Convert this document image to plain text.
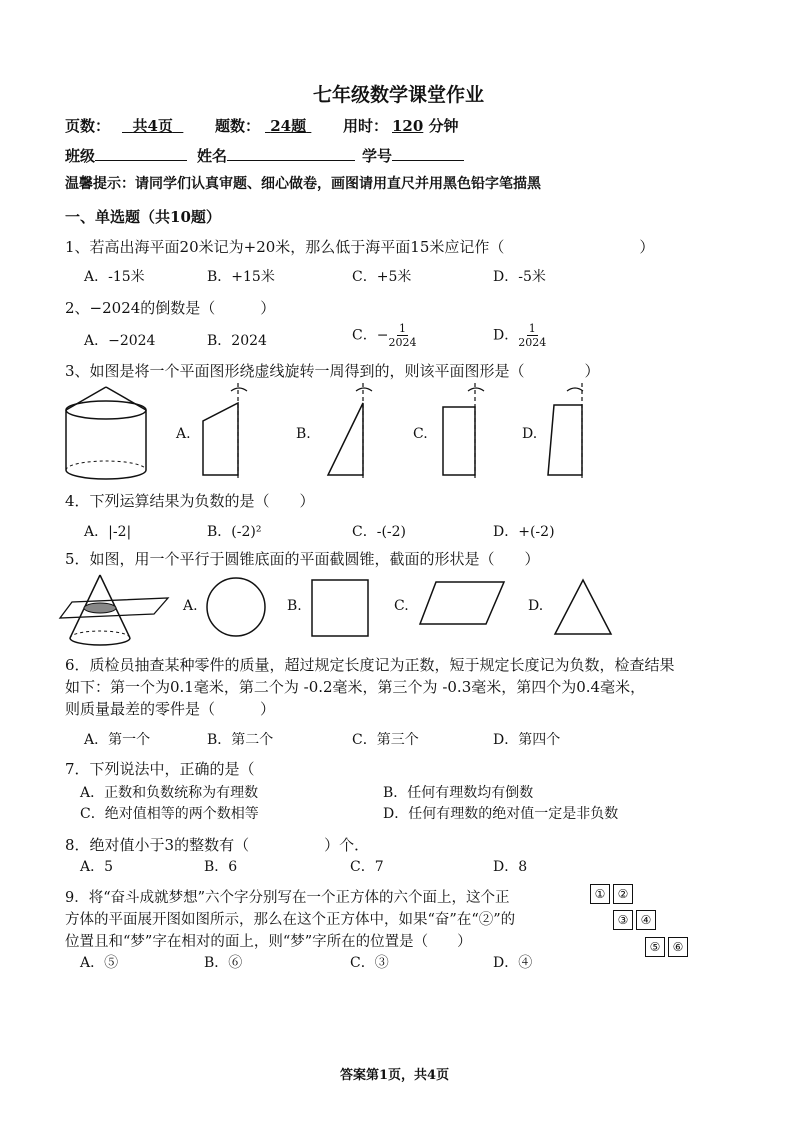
七年级数学课堂作业
页数：	共4页	题数： 24题	用时： 120 分钟
班级	姓名	学号
温馨提示：请同学们认真审题、细心做卷，画图请用直尺并用黑色铅字笔描黑
一、单选题（共10题）
1、若高出海平面20米记为+20米，那么低于海平面15米应记作（　　　　　　　　　）
A．-15米	B．+15米	C．+5米	D．-5米
2、−2024的倒数是（　　　）
A．−2024	B．2024	C．− $\frac{1}{2024}$	D． $\frac{1}{2024}$
3、如图是将一个平面图形绕虚线旋转一周得到的，则该平面图形是（　　　　）
A.	B.	C.	D.
4．下列运算结果为负数的是（　　）
A．|-2|	B．(-2)²	C．-(-2)	D．+(-2)
5．如图，用一个平行于圆锥底面的平面截圆锥，截面的形状是（　　）
A.	B.	C.	D.
6．质检员抽查某种零件的质量，超过规定长度记为正数，短于规定长度记为负数，检查结果
如下：第一个为0.1毫米，第二个为 -0.2毫米，第三个为 -0.3毫米，第四个为0.4毫米，
则质量最差的零件是（　　　）
A．第一个	B．第二个	C．第三个	D．第四个
7．下列说法中，正确的是（
A．正数和负数统称为有理数	B．任何有理数均有倒数
C．绝对值相等的两个数相等	D．任何有理数的绝对值一定是非负数
8．绝对值小于3的整数有（　　　　　）个．
A．5	B．6	C．7	D．8
9．将“奋斗成就梦想”六个字分别写在一个正方体的六个面上，这个正
方体的平面展开图如图所示，那么在这个正方体中，如果“奋”在“②”的
位置且和“梦”字在相对的面上，则“梦”字所在的位置是（　　）
A．⑤	B．⑥	C．③	D．④
①	②
③	④
⑤	⑥
答案第1页，共4页
